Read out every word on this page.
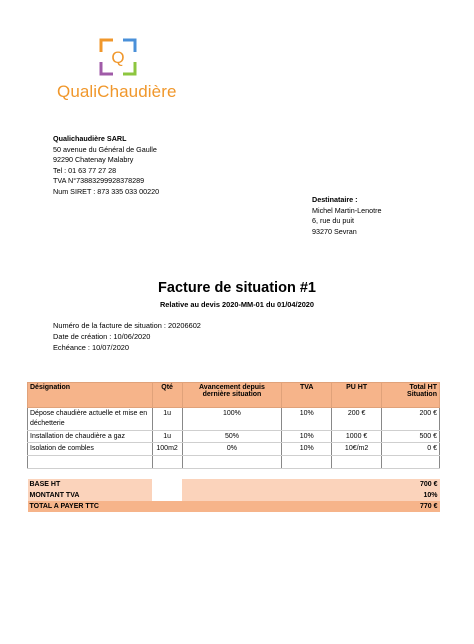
Q
QualiChaudière
Qualichaudière SARL
50 avenue du Général de Gaulle
92290 Chatenay Malabry
Tel : 01 63 77 27 28
TVA N°73883299928378289
Num SIRET : 873 335 033 00220
Destinataire :
Michel Martin-Lenotre
6, rue du puit
93270 Sevran
Facture de situation #1
Relative au devis 2020-MM-01 du 01/04/2020
Numéro de la facture de situation : 20206602
Date de création : 10/06/2020
Echéance : 10/07/2020
Désignation	Qté	Avancement depuis dernière situation	TVA	PU HT	Total HT Situation
Dépose chaudière actuelle et mise en déchetterie	1u	100%	10%	200 €	200 €
Installation de chaudière a gaz	1u	50%	10%	1000 €	500 €
Isolation de combles	100m2	0%	10%	10€/m2	0 €

BASE HT					700 €
MONTANT TVA					10%
TOTAL A PAYER TTC					770 €
